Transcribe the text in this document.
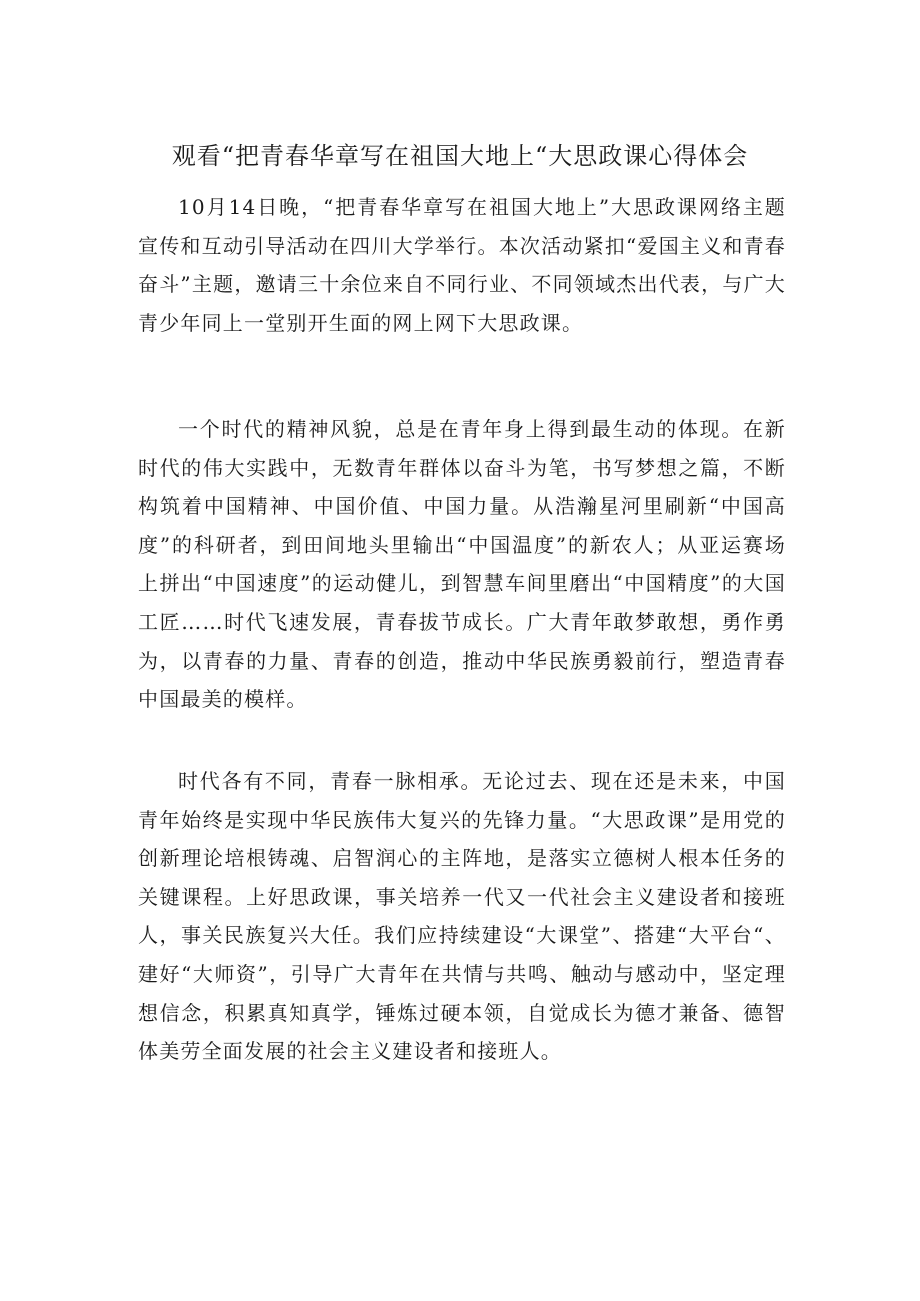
观看“把青春华章写在祖国大地上“大思政课心得体会

10月14日晚，“把青春华章写在祖国大地上”大思政课网络主题宣传和互动引导活动在四川大学举行。本次活动紧扣“爱国主义和青春奋斗”主题，邀请三十余位来自不同行业、不同领域杰出代表，与广大青少年同上一堂别开生面的网上网下大思政课。

一个时代的精神风貌，总是在青年身上得到最生动的体现。在新时代的伟大实践中，无数青年群体以奋斗为笔，书写梦想之篇，不断构筑着中国精神、中国价值、中国力量。从浩瀚星河里刷新“中国高度”的科研者，到田间地头里输出“中国温度”的新农人；从亚运赛场上拼出“中国速度”的运动健儿，到智慧车间里磨出“中国精度”的大国工匠……时代飞速发展，青春拔节成长。广大青年敢梦敢想，勇作勇为，以青春的力量、青春的创造，推动中华民族勇毅前行，塑造青春中国最美的模样。

时代各有不同，青春一脉相承。无论过去、现在还是未来，中国青年始终是实现中华民族伟大复兴的先锋力量。“大思政课”是用党的创新理论培根铸魂、启智润心的主阵地，是落实立德树人根本任务的关键课程。上好思政课，事关培养一代又一代社会主义建设者和接班人，事关民族复兴大任。我们应持续建设“大课堂”、搭建“大平台“、建好“大师资”，引导广大青年在共情与共鸣、触动与感动中，坚定理想信念，积累真知真学，锤炼过硬本领，自觉成长为德才兼备、德智体美劳全面发展的社会主义建设者和接班人。
